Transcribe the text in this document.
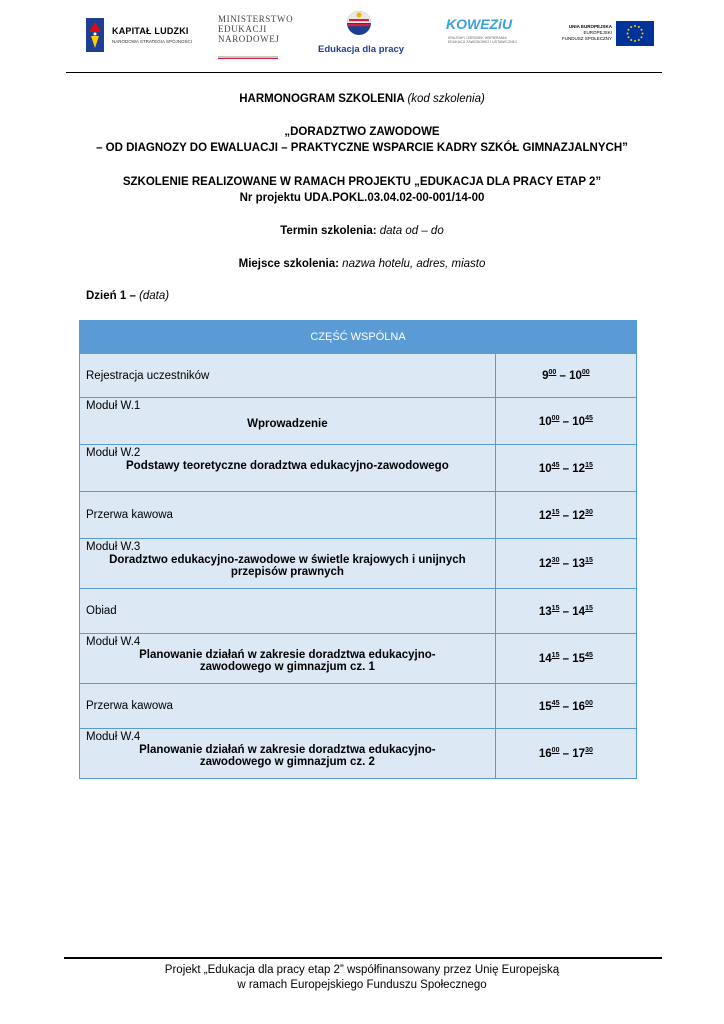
KAPITAŁ LUDZKI
NARODOWA STRATEGIA SPÓJNOŚCI
MINISTERSTWO
EDUKACJI
NARODOWEJ
Edukacja dla pracy
KOWEZiU
KRAJOWY OŚRODEK WSPIERANIA
EDUKACJI ZAWODOWEJ I USTAWICZNEJ
UNIA EUROPEJSKA
EUROPEJSKI
FUNDUSZ SPOŁECZNY
HARMONOGRAM SZKOLENIA (kod szkolenia)
„DORADZTWO ZAWODOWE
– OD DIAGNOZY DO EWALUACJI – PRAKTYCZNE WSPARCIE KADRY SZKÓŁ GIMNAZJALNYCH”
SZKOLENIE REALIZOWANE W RAMACH PROJEKTU „EDUKACJA DLA PRACY ETAP 2”
Nr projektu UDA.POKL.03.04.02-00-001/14-00
Termin szkolenia: data od – do
Miejsce szkolenia: nazwa hotelu, adres, miasto
Dzień 1 – (data)
CZĘŚĆ WSPÓLNA	

Rejestracja uczestników	$9^{00} - 10^{00}$

Moduł W.1
Wprowadzenie	$10^{00} - 10^{45}$

Moduł W.2
Podstawy teoretyczne doradztwa edukacyjno-zawodowego	$10^{45} - 12^{15}$

Przerwa kawowa	$12^{15} - 12^{30}$

Moduł W.3
Doradztwo edukacyjno-zawodowe w świetle krajowych i unijnych przepisów prawnych	$12^{30} - 13^{15}$

Obiad	$13^{15} - 14^{15}$

Moduł W.4
Planowanie działań w zakresie doradztwa edukacyjno-zawodowego w gimnazjum cz. 1	$14^{15} - 15^{45}$

Przerwa kawowa	$15^{45} - 16^{00}$

Moduł W.4
Planowanie działań w zakresie doradztwa edukacyjno-zawodowego w gimnazjum cz. 2	$16^{00} - 17^{30}$
Projekt „Edukacja dla pracy etap 2” współfinansowany przez Unię Europejską
w ramach Europejskiego Funduszu Społecznego
